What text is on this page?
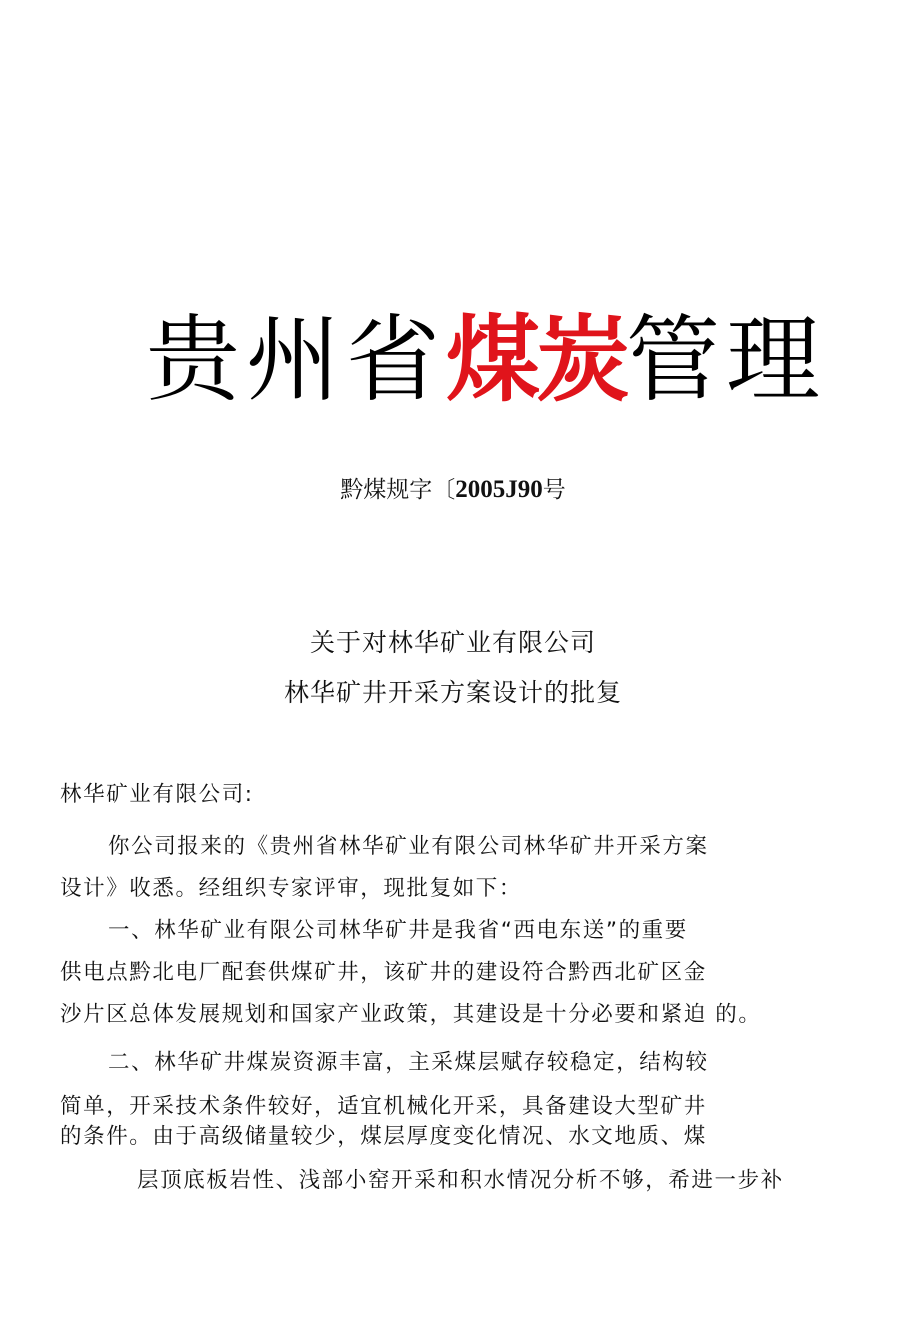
贵州省煤炭管理
黔煤规字〔2005J90号
关于对林华矿业有限公司
林华矿井开采方案设计的批复
林华矿业有限公司:
你公司报来的《贵州省林华矿业有限公司林华矿井开采方案
设计》收悉。经组织专家评审，现批复如下：
一、林华矿业有限公司林华矿井是我省“西电东送”的重要
供电点黔北电厂配套供煤矿井，该矿井的建设符合黔西北矿区金
沙片区总体发展规划和国家产业政策，其建设是十分必要和紧迫 的。
二、林华矿井煤炭资源丰富，主采煤层赋存较稳定，结构较
简单，开采技术条件较好，适宜机械化开采，具备建设大型矿井
的条件。由于高级储量较少，煤层厚度变化情况、水文地质、煤
层顶底板岩性、浅部小窑开采和积水情况分析不够，希进一步补
